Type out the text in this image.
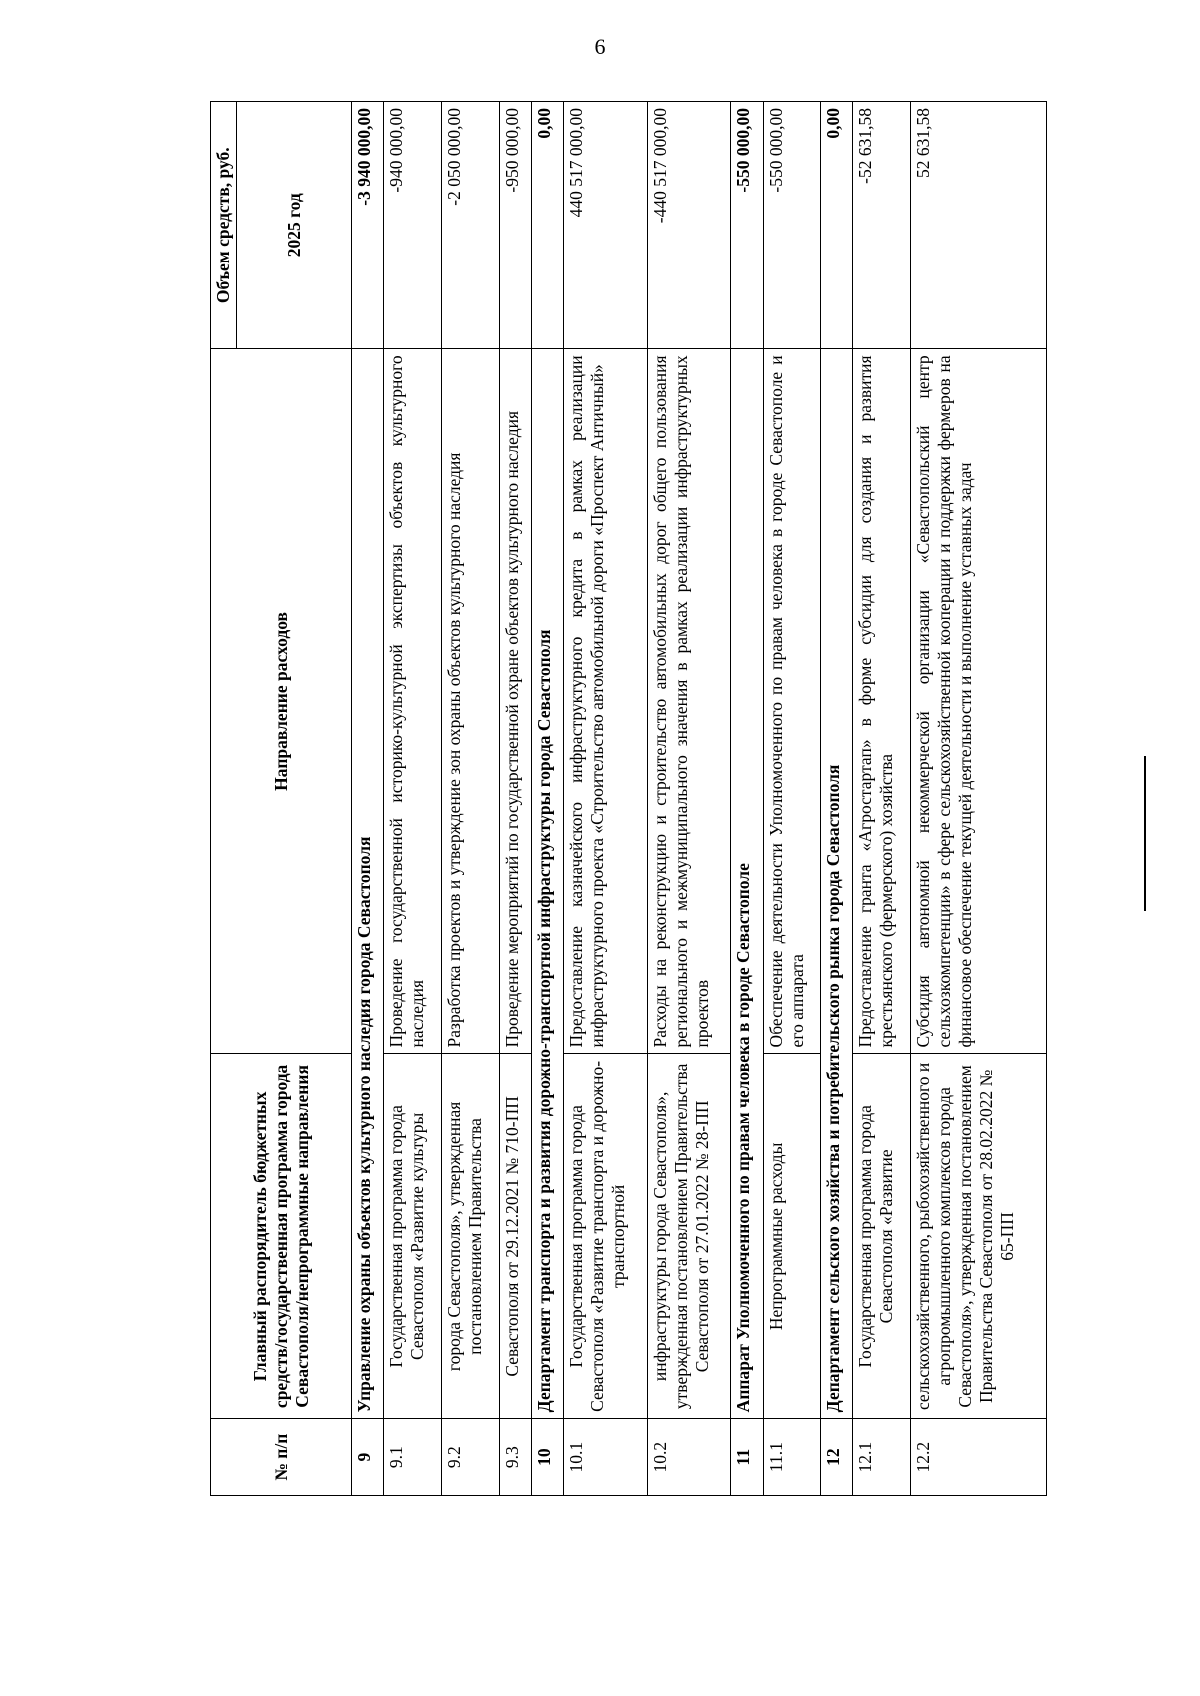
6
№ п/п	Главный распорядитель бюджетных средств/государственная программа города Севастополя/непрограммные направления	Направление расходов	Объем средств, руб.
			2025 год
9	Управление охраны объектов культурного наследия города Севастополя		-3 940 000,00
9.1	Государственная программа города Севастополя «Развитие культуры	Проведение государственной историко-культурной экспертизы объектов культурного наследия	-940 000,00
9.2	города Севастополя», утвержденная постановлением Правительства	Разработка проектов и утверждение зон охраны объектов культурного наследия	-2 050 000,00
9.3	Севастополя от 29.12.2021 № 710-ПП	Проведение мероприятий по государственной охране объектов культурного наследия	-950 000,00
10	Департамент транспорта и развития дорожно-транспортной инфраструктуры города Севастополя		0,00
10.1	Государственная программа города Севастополя «Развитие транспорта и дорожно-транспортной	Предоставление казначейского инфраструктурного кредита в рамках реализации инфраструктурного проекта «Строительство автомобильной дороги «Проспект Античный»	440 517 000,00
10.2	инфраструктуры города Севастополя», утвержденная постановлением Правительства Севастополя от 27.01.2022 № 28-ПП	Расходы на реконструкцию и строительство автомобильных дорог общего пользования регионального и межмуниципального значения в рамках реализации инфраструктурных проектов	-440 517 000,00
11	Аппарат Уполномоченного по правам человека в городе Севастополе		-550 000,00
11.1	Непрограммные расходы	Обеспечение деятельности Уполномоченного по правам человека в городе Севастополе и его аппарата	-550 000,00
12	Департамент сельского хозяйства и потребительского рынка города Севастополя		0,00
12.1	Государственная программа города Севастополя «Развитие	Предоставление гранта «Агростартап» в форме субсидии для создания и развития крестьянского (фермерского) хозяйства	-52 631,58
12.2	сельскохозяйственного, рыбохозяйственного и агропромышленного комплексов города Севастополя», утвержденная постановлением Правительства Севастополя от 28.02.2022 № 65-ПП	Субсидия автономной некоммерческой организации «Севастопольский центр сельхозкомпетенции» в сфере сельскохозяйственной кооперации и поддержки фермеров на финансовое обеспечение текущей деятельности и выполнение уставных задач	52 631,58
